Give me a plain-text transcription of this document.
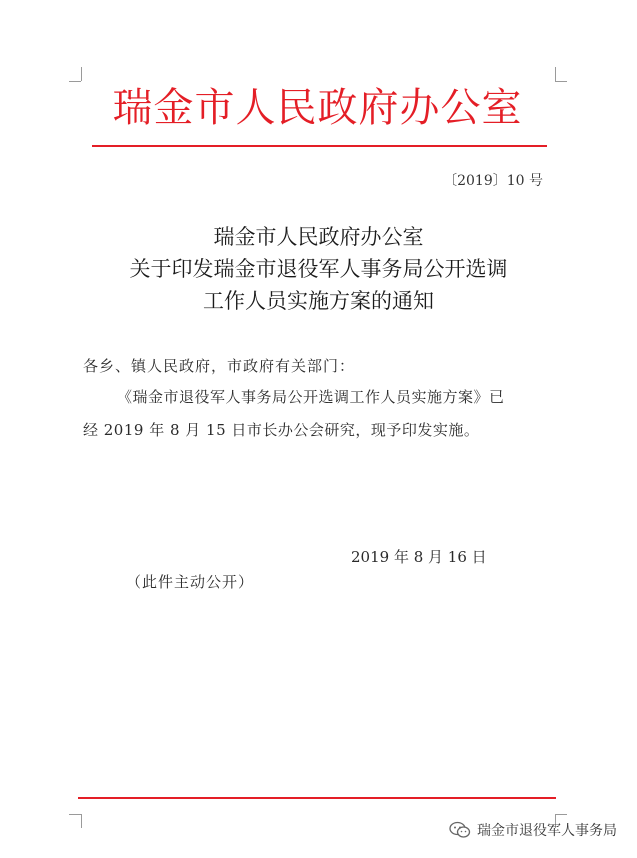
瑞金市人民政府办公室
〔2019〕10 号
瑞金市人民政府办公室
关于印发瑞金市退役军人事务局公开选调
工作人员实施方案的通知
各乡、镇人民政府，市政府有关部门：
《瑞金市退役军人事务局公开选调工作人员实施方案》已
经 2019 年 8 月 15 日市长办公会研究，现予印发实施。
2019 年 8 月 16 日
（此件主动公开）
瑞金市退役军人事务局
